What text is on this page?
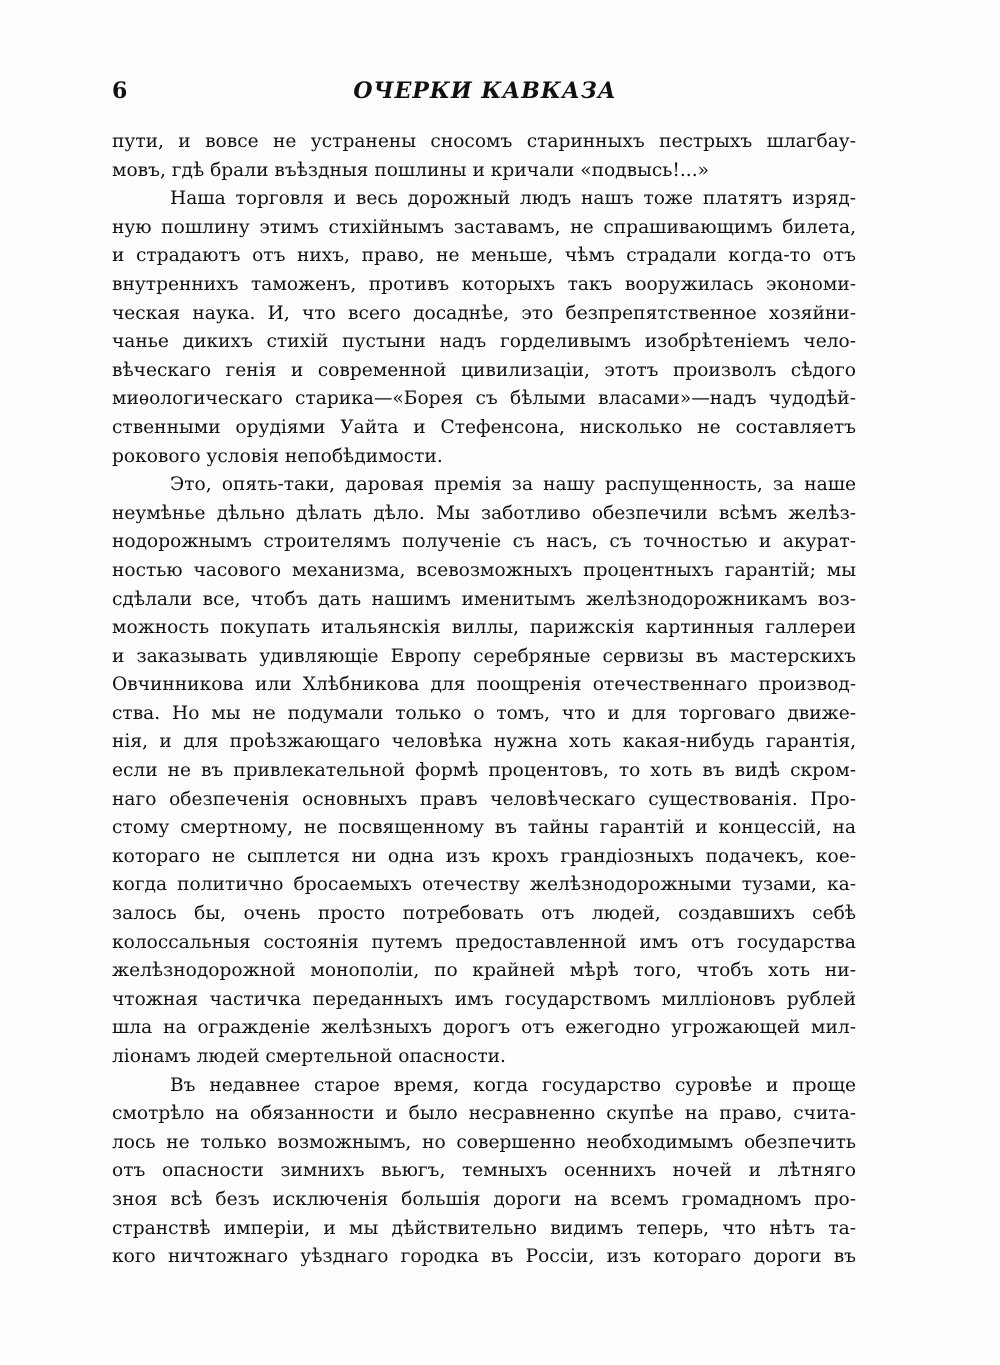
6	ОЧЕРКИ КАВКАЗА
пути, и вовсе не устранены сносомъ старинныхъ пестрыхъ шлагбау-
мовъ, гдѣ брали въѣздныя пошлины и кричали «подвысь!...»
Наша торговля и весь дорожный людъ нашъ тоже платятъ изряд-
ную пошлину этимъ стихійнымъ заставамъ, не спрашивающимъ билета,
и страдаютъ отъ нихъ, право, не меньше, чѣмъ страдали когда-то отъ
внутреннихъ таможенъ, противъ которыхъ такъ вооружилась экономи-
ческая наука. И, что всего досаднѣе, это безпрепятственное хозяйни-
чанье дикихъ стихій пустыни надъ горделивымъ изобрѣтеніемъ чело-
вѣческаго генія и современной цивилизаціи, этотъ произволъ сѣдого
миѳологическаго старика—«Борея съ бѣлыми власами»—надъ чудодѣй-
ственными орудіями Уайта и Стефенсона, нисколько не составляетъ
рокового условія непобѣдимости.
Это, опять-таки, даровая премія за нашу распущенность, за наше
неумѣнье дѣльно дѣлать дѣло. Мы заботливо обезпечили всѣмъ желѣз-
нодорожнымъ строителямъ полученіе съ насъ, съ точностью и акурат-
ностью часового механизма, всевозможныхъ процентныхъ гарантій; мы
сдѣлали все, чтобъ дать нашимъ именитымъ желѣзнодорожникамъ воз-
можность покупать итальянскія виллы, парижскія картинныя галлереи
и заказывать удивляющіе Европу серебряные сервизы въ мастерскихъ
Овчинникова или Хлѣбникова для поощренія отечественнаго производ-
ства. Но мы не подумали только о томъ, что и для торговаго движе-
нія, и для проѣзжающаго человѣка нужна хоть какая-нибудь гарантія,
если не въ привлекательной формѣ процентовъ, то хоть въ видѣ скром-
наго обезпеченія основныхъ правъ человѣческаго существованія. Про-
стому смертному, не посвященному въ тайны гарантій и концессій, на
котораго не сыплется ни одна изъ крохъ грандіозныхъ подачекъ, кое-
когда политично бросаемыхъ отечеству желѣзнодорожными тузами, ка-
залось бы, очень просто потребовать отъ людей, создавшихъ себѣ
колоссальныя состоянія путемъ предоставленной имъ отъ государства
желѣзнодорожной монополіи, по крайней мѣрѣ того, чтобъ хоть ни-
чтожная частичка переданныхъ имъ государствомъ милліоновъ рублей
шла на огражденіе желѣзныхъ дорогъ отъ ежегодно угрожающей мил-
ліонамъ людей смертельной опасности.
Въ недавнее старое время, когда государство суровѣе и проще
смотрѣло на обязанности и было несравненно скупѣе на право, счита-
лось не только возможнымъ, но совершенно необходимымъ обезпечить
отъ опасности зимнихъ вьюгъ, темныхъ осеннихъ ночей и лѣтняго
зноя всѣ безъ исключенія большія дороги на всемъ громадномъ про-
странствѣ имперіи, и мы дѣйствительно видимъ теперь, что нѣтъ та-
кого ничтожнаго уѣзднаго городка въ Россіи, изъ котораго дороги въ
